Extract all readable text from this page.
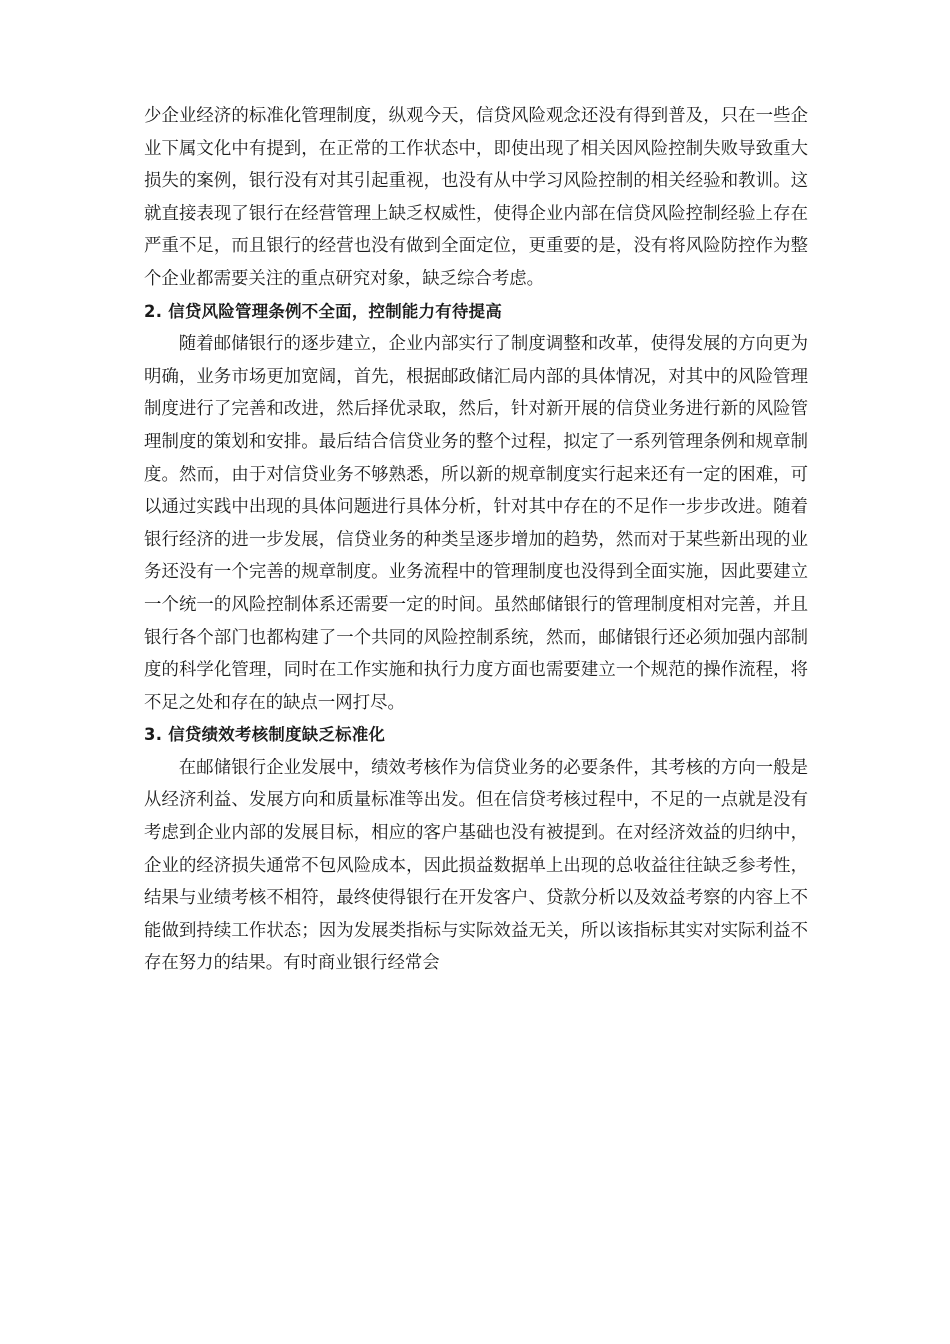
少企业经济的标准化管理制度，纵观今天，信贷风险观念还没有得到普及，只在一些企业下属文化中有提到，在正常的工作状态中，即使出现了相关因风险控制失败导致重大损失的案例，银行没有对其引起重视，也没有从中学习风险控制的相关经验和教训。这就直接表现了银行在经营管理上缺乏权威性，使得企业内部在信贷风险控制经验上存在严重不足，而且银行的经营也没有做到全面定位，更重要的是，没有将风险防控作为整个企业都需要关注的重点研究对象，缺乏综合考虑。

2. 信贷风险管理条例不全面，控制能力有待提高

随着邮储银行的逐步建立，企业内部实行了制度调整和改革，使得发展的方向更为明确，业务市场更加宽阔，首先，根据邮政储汇局内部的具体情况，对其中的风险管理制度进行了完善和改进，然后择优录取，然后，针对新开展的信贷业务进行新的风险管理制度的策划和安排。最后结合信贷业务的整个过程，拟定了一系列管理条例和规章制度。然而，由于对信贷业务不够熟悉，所以新的规章制度实行起来还有一定的困难，可以通过实践中出现的具体问题进行具体分析，针对其中存在的不足作一步步改进。随着银行经济的进一步发展，信贷业务的种类呈逐步增加的趋势，然而对于某些新出现的业务还没有一个完善的规章制度。业务流程中的管理制度也没得到全面实施，因此要建立一个统一的风险控制体系还需要一定的时间。虽然邮储银行的管理制度相对完善，并且银行各个部门也都构建了一个共同的风险控制系统，然而，邮储银行还必须加强内部制度的科学化管理，同时在工作实施和执行力度方面也需要建立一个规范的操作流程，将不足之处和存在的缺点一网打尽。

3. 信贷绩效考核制度缺乏标准化

在邮储银行企业发展中，绩效考核作为信贷业务的必要条件，其考核的方向一般是从经济利益、发展方向和质量标准等出发。但在信贷考核过程中，不足的一点就是没有考虑到企业内部的发展目标，相应的客户基础也没有被提到。在对经济效益的归纳中，企业的经济损失通常不包风险成本，因此损益数据单上出现的总收益往往缺乏参考性，结果与业绩考核不相符，最终使得银行在开发客户、贷款分析以及效益考察的内容上不能做到持续工作状态；因为发展类指标与实际效益无关，所以该指标其实对实际利益不存在努力的结果。有时商业银行经常会
